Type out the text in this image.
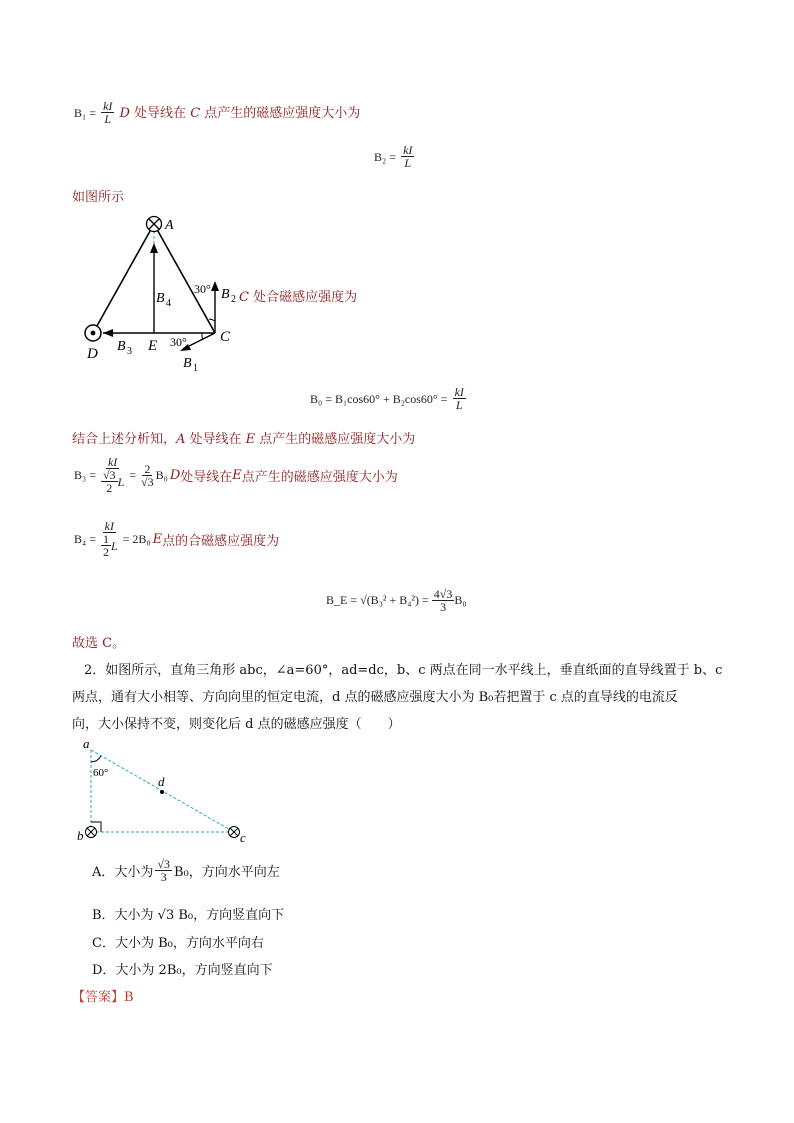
$B_1 = \frac{kI}{L}$ D 处导线在 C 点产生的磁感应强度大小为
$B_2 = \frac{kI}{L}$
如图所示
A
B 4
30° B 2
C
D B 3 E 30°
B 1
C 处合磁感应强度为
$B_0 = B_1\cos 60^\circ + B_2\cos 60^\circ = \frac{kI}{L}$
结合上述分析知，A 处导线在 E 点产生的磁感应强度大小为
$B_3 = \frac{kI}{\frac{√3}{2} L} = \frac{2}{√3} B_0$ D 处导线在 E 点产生的磁感应强度大小为
$B_4 = \frac{kI}{\frac{1}{2} L} = 2B_0$ E 点的合磁感应强度为
B_E = $√(B_3^2 + B_4^2) = \frac{4√3}{3} B_0$
故选 C。
2．如图所示，直角三角形 abc，∠a=60°，ad=dc，b、c 两点在同一水平线上，垂直纸面的直导线置于 b、c
两点，通有大小相等、方向向里的恒定电流，d 点的磁感应强度大小为 B₀若把置于 c 点的直导线的电流反
向，大小保持不变，则变化后 d 点的磁感应强度（　　）
a
60°
d
b	c
A．大小为 $\frac{√3}{3} B_0$，方向水平向左
B．大小为 √3 B₀，方向竖直向下
C．大小为 B₀，方向水平向右
D．大小为 2B₀，方向竖直向下
【答案】B
